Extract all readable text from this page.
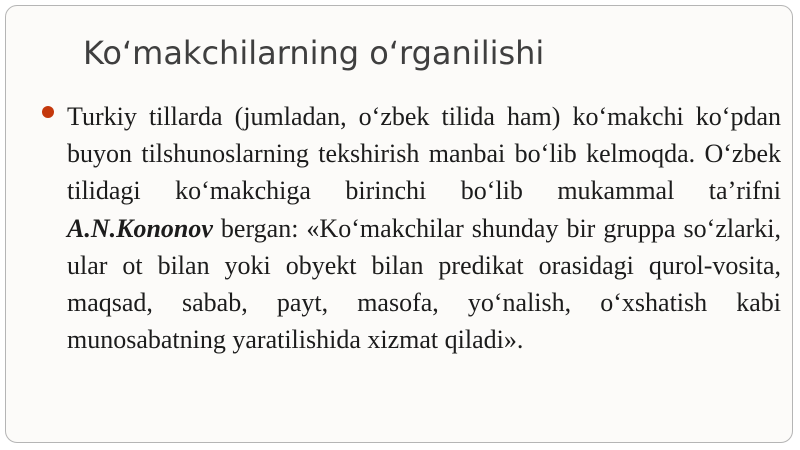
Koʻmakchilarning oʻrganilishi

Turkiy tillarda (jumladan, oʻzbek tilida ham) koʻmakchi koʻpdan buyon tilshunoslarning tekshirish manbai boʻlib kelmoqda. Oʻzbek tilidagi koʻmakchiga birinchi boʻlib mukammal taʼrifni A.N.Kononov bergan: «Koʻmakchilar shunday bir gruppa soʻzlarki, ular ot bilan yoki obyekt bilan predikat orasidagi qurol-vosita, maqsad, sabab, payt, masofa, yoʻnalish, oʻxshatish kabi munosabatning yaratilishida xizmat qiladi».
